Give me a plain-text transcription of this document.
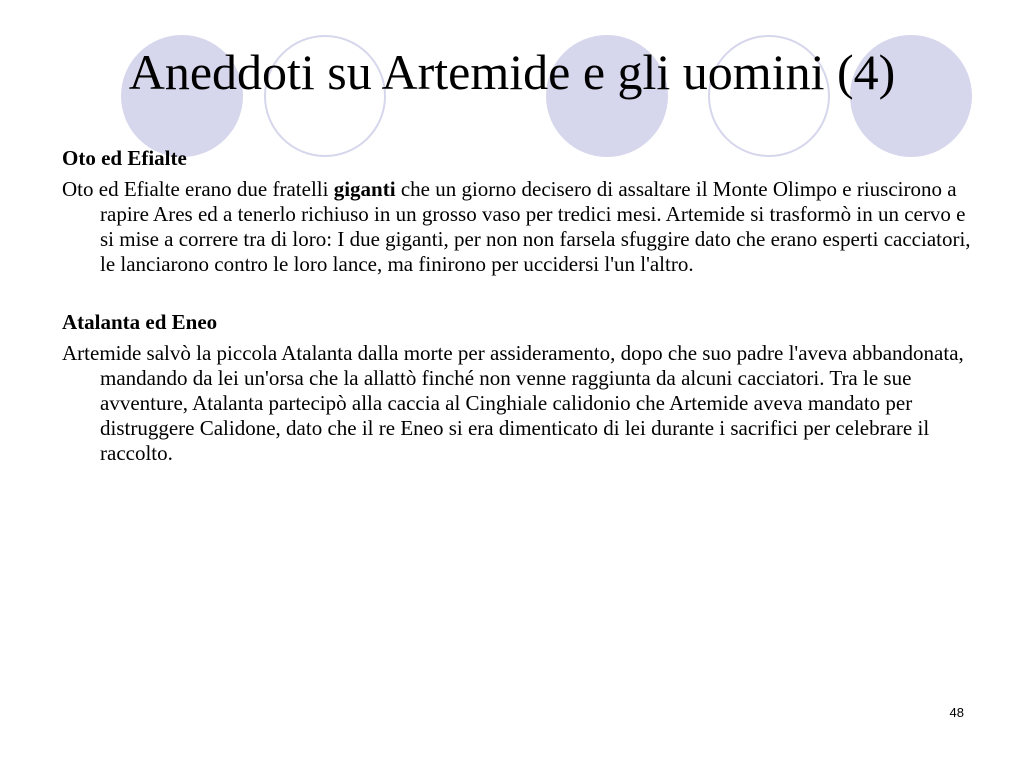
Aneddoti su Artemide e gli uomini (4)

Oto ed Efialte

Oto ed Efialte erano due fratelli giganti che un giorno decisero di assaltare il Monte Olimpo e riuscirono a rapire Ares ed a tenerlo richiuso in un grosso vaso per tredici mesi. Artemide si trasformò in un cervo e si mise a correre tra di loro: I due giganti, per non non farsela sfuggire dato che erano esperti cacciatori, le lanciarono contro le loro lance, ma finirono per uccidersi l'un l'altro.

Atalanta ed Eneo

Artemide salvò la piccola Atalanta dalla morte per assideramento, dopo che suo padre l'aveva abbandonata, mandando da lei un'orsa che la allattò finché non venne raggiunta da alcuni cacciatori. Tra le sue avventure, Atalanta partecipò alla caccia al Cinghiale calidonio che Artemide aveva mandato per distruggere Calidone, dato che il re Eneo si era dimenticato di lei durante i sacrifici per celebrare il raccolto.

48
